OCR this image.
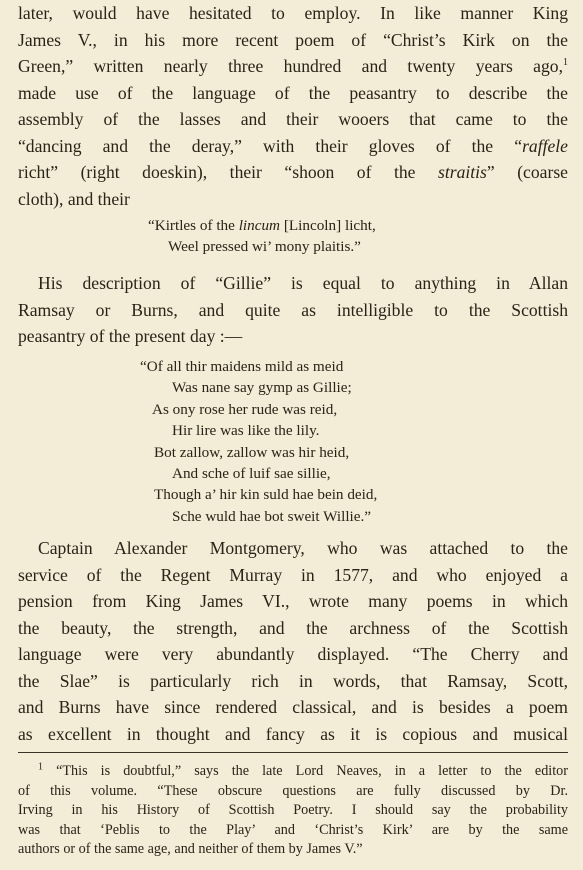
later, would have hesitated to employ. In like manner King
James V., in his more recent poem of “Christ’s Kirk on the
Green,” written nearly three hundred and twenty years ago,$^1$
made use of the language of the peasantry to describe the
assembly of the lasses and their wooers that came to the
“dancing and the deray,” with their gloves of the “raffele
richt” (right doeskin), their “shoon of the straitis” (coarse
cloth), and their
“Kirtles of the lincum [Lincoln] licht,
Weel pressed wi’ mony plaitis.”
His description of “Gillie” is equal to anything in Allan
Ramsay or Burns, and quite as intelligible to the Scottish
peasantry of the present day :—
“Of all thir maidens mild as meid
Was nane say gymp as Gillie;
As ony rose her rude was reid,
Hir lire was like the lily.
Bot zallow, zallow was hir heid,
And sche of luif sae sillie,
Though a’ hir kin suld hae bein deid,
Sche wuld hae bot sweit Willie.”
Captain Alexander Montgomery, who was attached to the
service of the Regent Murray in 1577, and who enjoyed a
pension from King James VI., wrote many poems in which
the beauty, the strength, and the archness of the Scottish
language were very abundantly displayed. “The Cherry and
the Slae” is particularly rich in words, that Ramsay, Scott,
and Burns have since rendered classical, and is besides a poem
as excellent in thought and fancy as it is copious and musical
$^1$ “This is doubtful,” says the late Lord Neaves, in a letter to the editor
of this volume. “These obscure questions are fully discussed by Dr.
Irving in his History of Scottish Poetry. I should say the probability
was that ‘Peblis to the Play’ and ‘Christ’s Kirk’ are by the same
authors or of the same age, and neither of them by James V.”
